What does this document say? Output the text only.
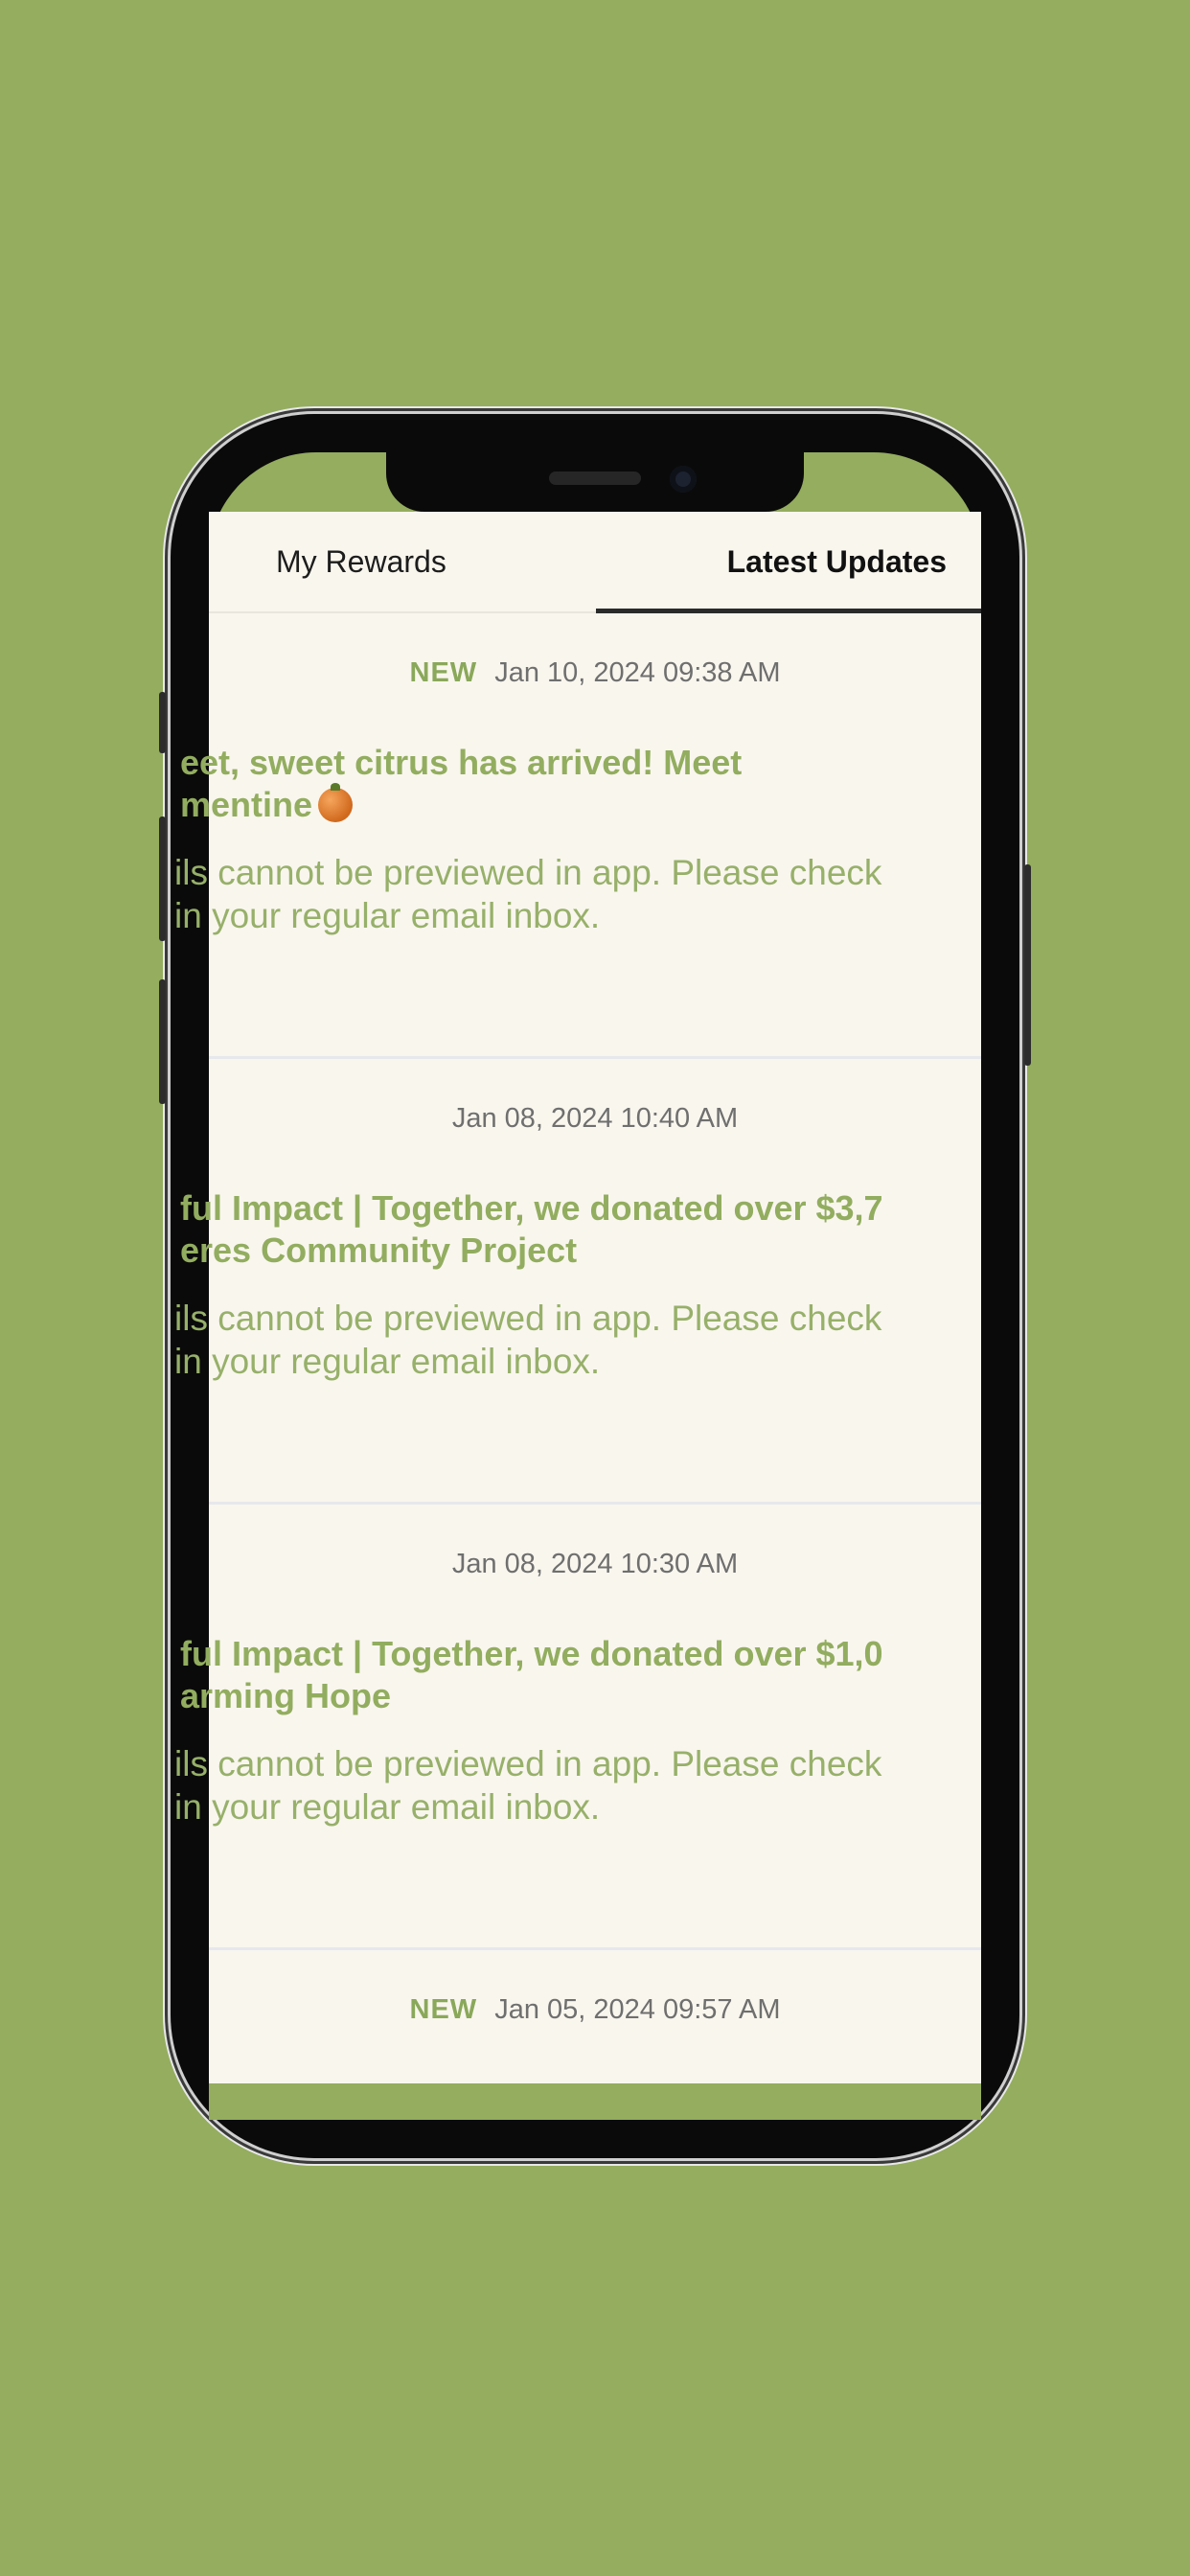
My Rewards	Latest Updates
NEW Jan 10, 2024 09:38 AM
eet, sweet citrus has arrived! Meet
mentine
ils cannot be previewed in app. Please check
in your regular email inbox.
Jan 08, 2024 10:40 AM
ful Impact | Together, we donated over $3,7
eres Community Project
ils cannot be previewed in app. Please check
in your regular email inbox.
Jan 08, 2024 10:30 AM
ful Impact | Together, we donated over $1,0
arming Hope
ils cannot be previewed in app. Please check
in your regular email inbox.
NEW Jan 05, 2024 09:57 AM
